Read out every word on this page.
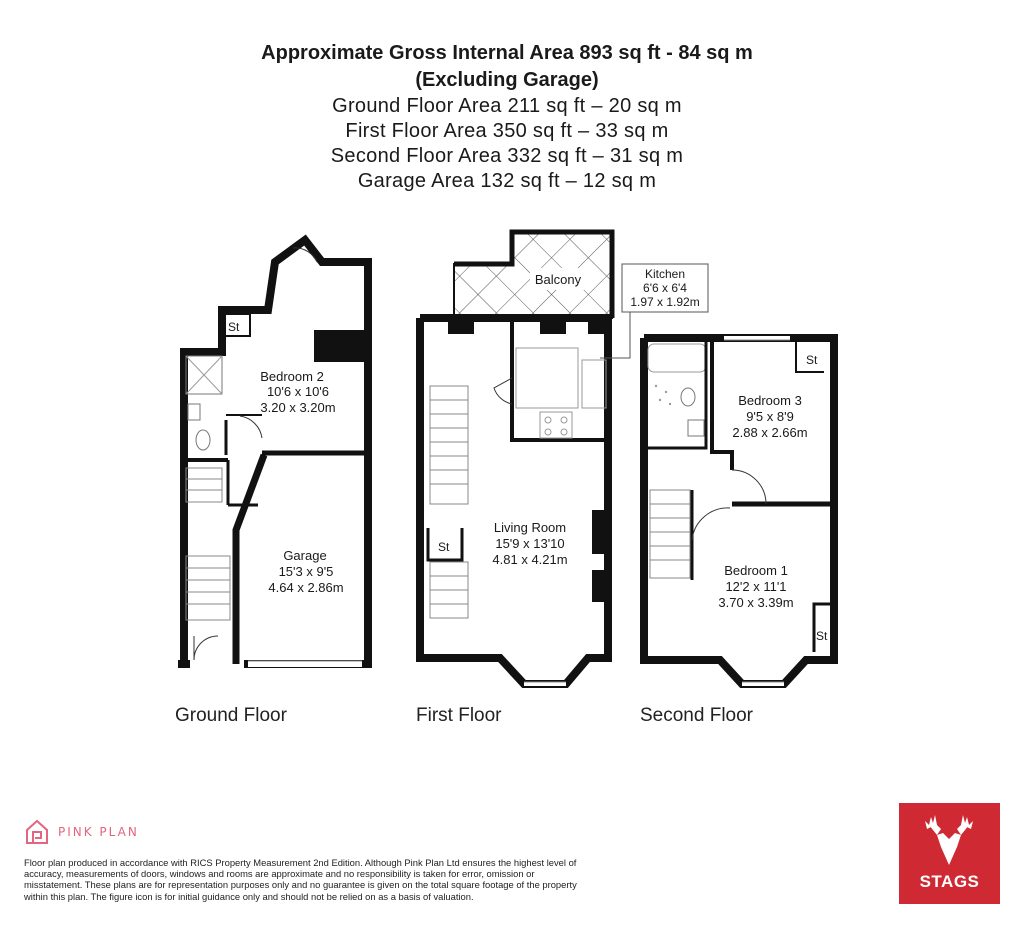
Approximate Gross Internal Area 893 sq ft - 84 sq m
(Excluding Garage)
Ground Floor Area 211 sq ft – 20 sq m
First Floor Area 350 sq ft – 33 sq m
Second Floor Area 332 sq ft – 31 sq m
Garage Area 132 sq ft – 12 sq m
St
Bedroom 2
10'6 x 10'6
3.20 x 3.20m
Garage
15'3 x 9'5
4.64 x 2.86m
Balcony	Kitchen
6'6 x 6'4
1.97 x 1.92m
St
Living Room
15'9 x 13'10
4.81 x 4.21m
St
St
Bedroom 3
9'5 x 8'9
2.88 x 2.66m
Bedroom 1
12'2 x 11'1
3.70 x 3.39m
Ground Floor	First Floor	Second Floor
PINK PLAN
Floor plan produced in accordance with RICS Property Measurement 2nd Edition. Although Pink Plan Ltd ensures the highest level of accuracy, measurements of doors, windows and rooms are approximate and no responsibility is taken for error, omission or misstatement. These plans are for representation purposes only and no guarantee is given on the total square footage of the property within this plan. The figure icon is for initial guidance only and should not be relied on as a basis of valuation.
STAGS
